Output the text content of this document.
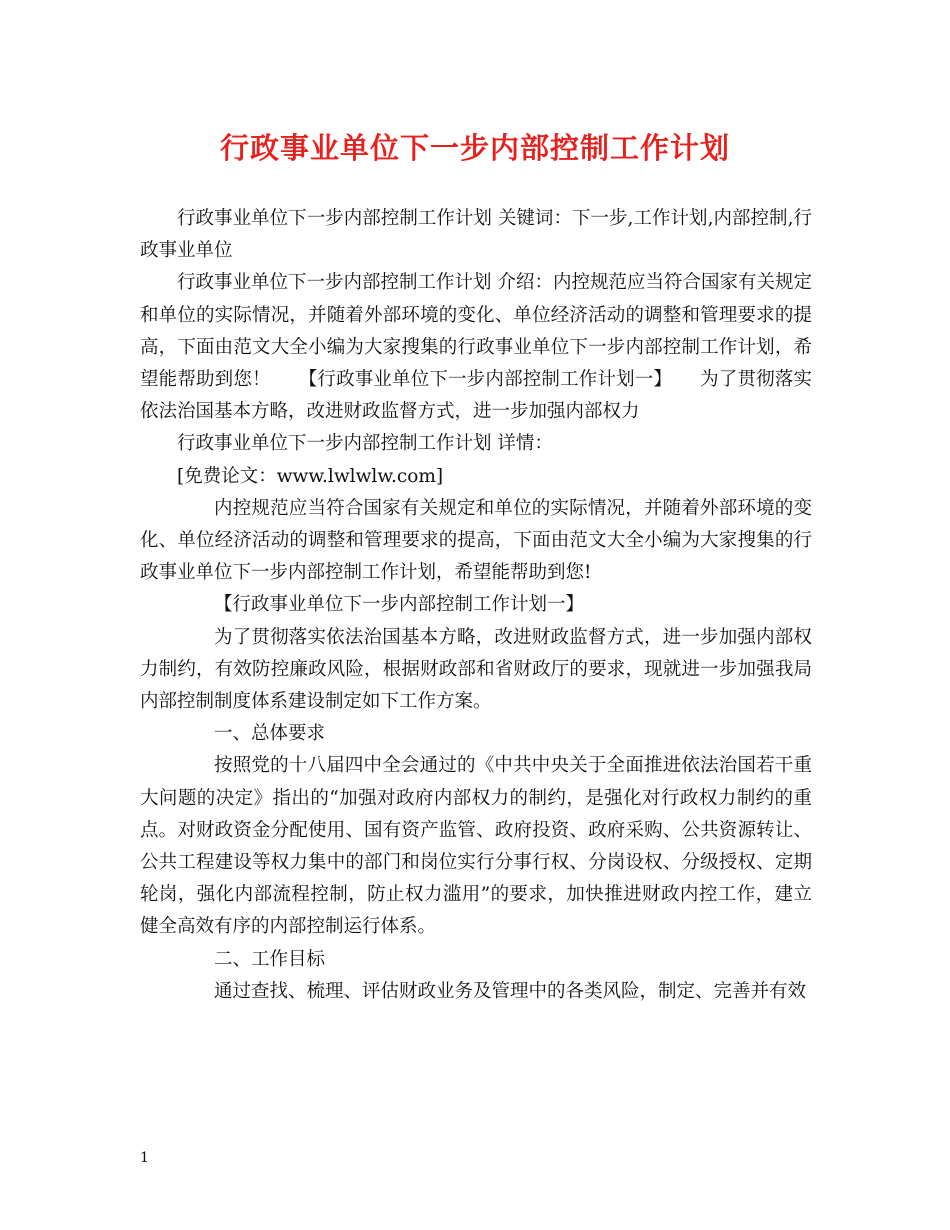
行政事业单位下一步内部控制工作计划

行政事业单位下一步内部控制工作计划 关键词：下一步,工作计划,内部控制,行政事业单位

行政事业单位下一步内部控制工作计划 介绍：内控规范应当符合国家有关规定和单位的实际情况，并随着外部环境的变化、单位经济活动的调整和管理要求的提高，下面由范文大全小编为大家搜集的行政事业单位下一步内部控制工作计划，希望能帮助到您！　　【行政事业单位下一步内部控制工作计划一】　　为了贯彻落实依法治国基本方略，改进财政监督方式，进一步加强内部权力

行政事业单位下一步内部控制工作计划 详情：

[免费论文：www.lwlwlw.com]

内控规范应当符合国家有关规定和单位的实际情况，并随着外部环境的变化、单位经济活动的调整和管理要求的提高，下面由范文大全小编为大家搜集的行政事业单位下一步内部控制工作计划，希望能帮助到您!

【行政事业单位下一步内部控制工作计划一】

为了贯彻落实依法治国基本方略，改进财政监督方式，进一步加强内部权力制约，有效防控廉政风险，根据财政部和省财政厅的要求，现就进一步加强我局内部控制制度体系建设制定如下工作方案。

一、总体要求

按照党的十八届四中全会通过的《中共中央关于全面推进依法治国若干重大问题的决定》指出的“加强对政府内部权力的制约，是强化对行政权力制约的重点。对财政资金分配使用、国有资产监管、政府投资、政府采购、公共资源转让、公共工程建设等权力集中的部门和岗位实行分事行权、分岗设权、分级授权、定期轮岗，强化内部流程控制，防止权力滥用”的要求，加快推进财政内控工作，建立健全高效有序的内部控制运行体系。

二、工作目标

通过查找、梳理、评估财政业务及管理中的各类风险，制定、完善并有效

1
